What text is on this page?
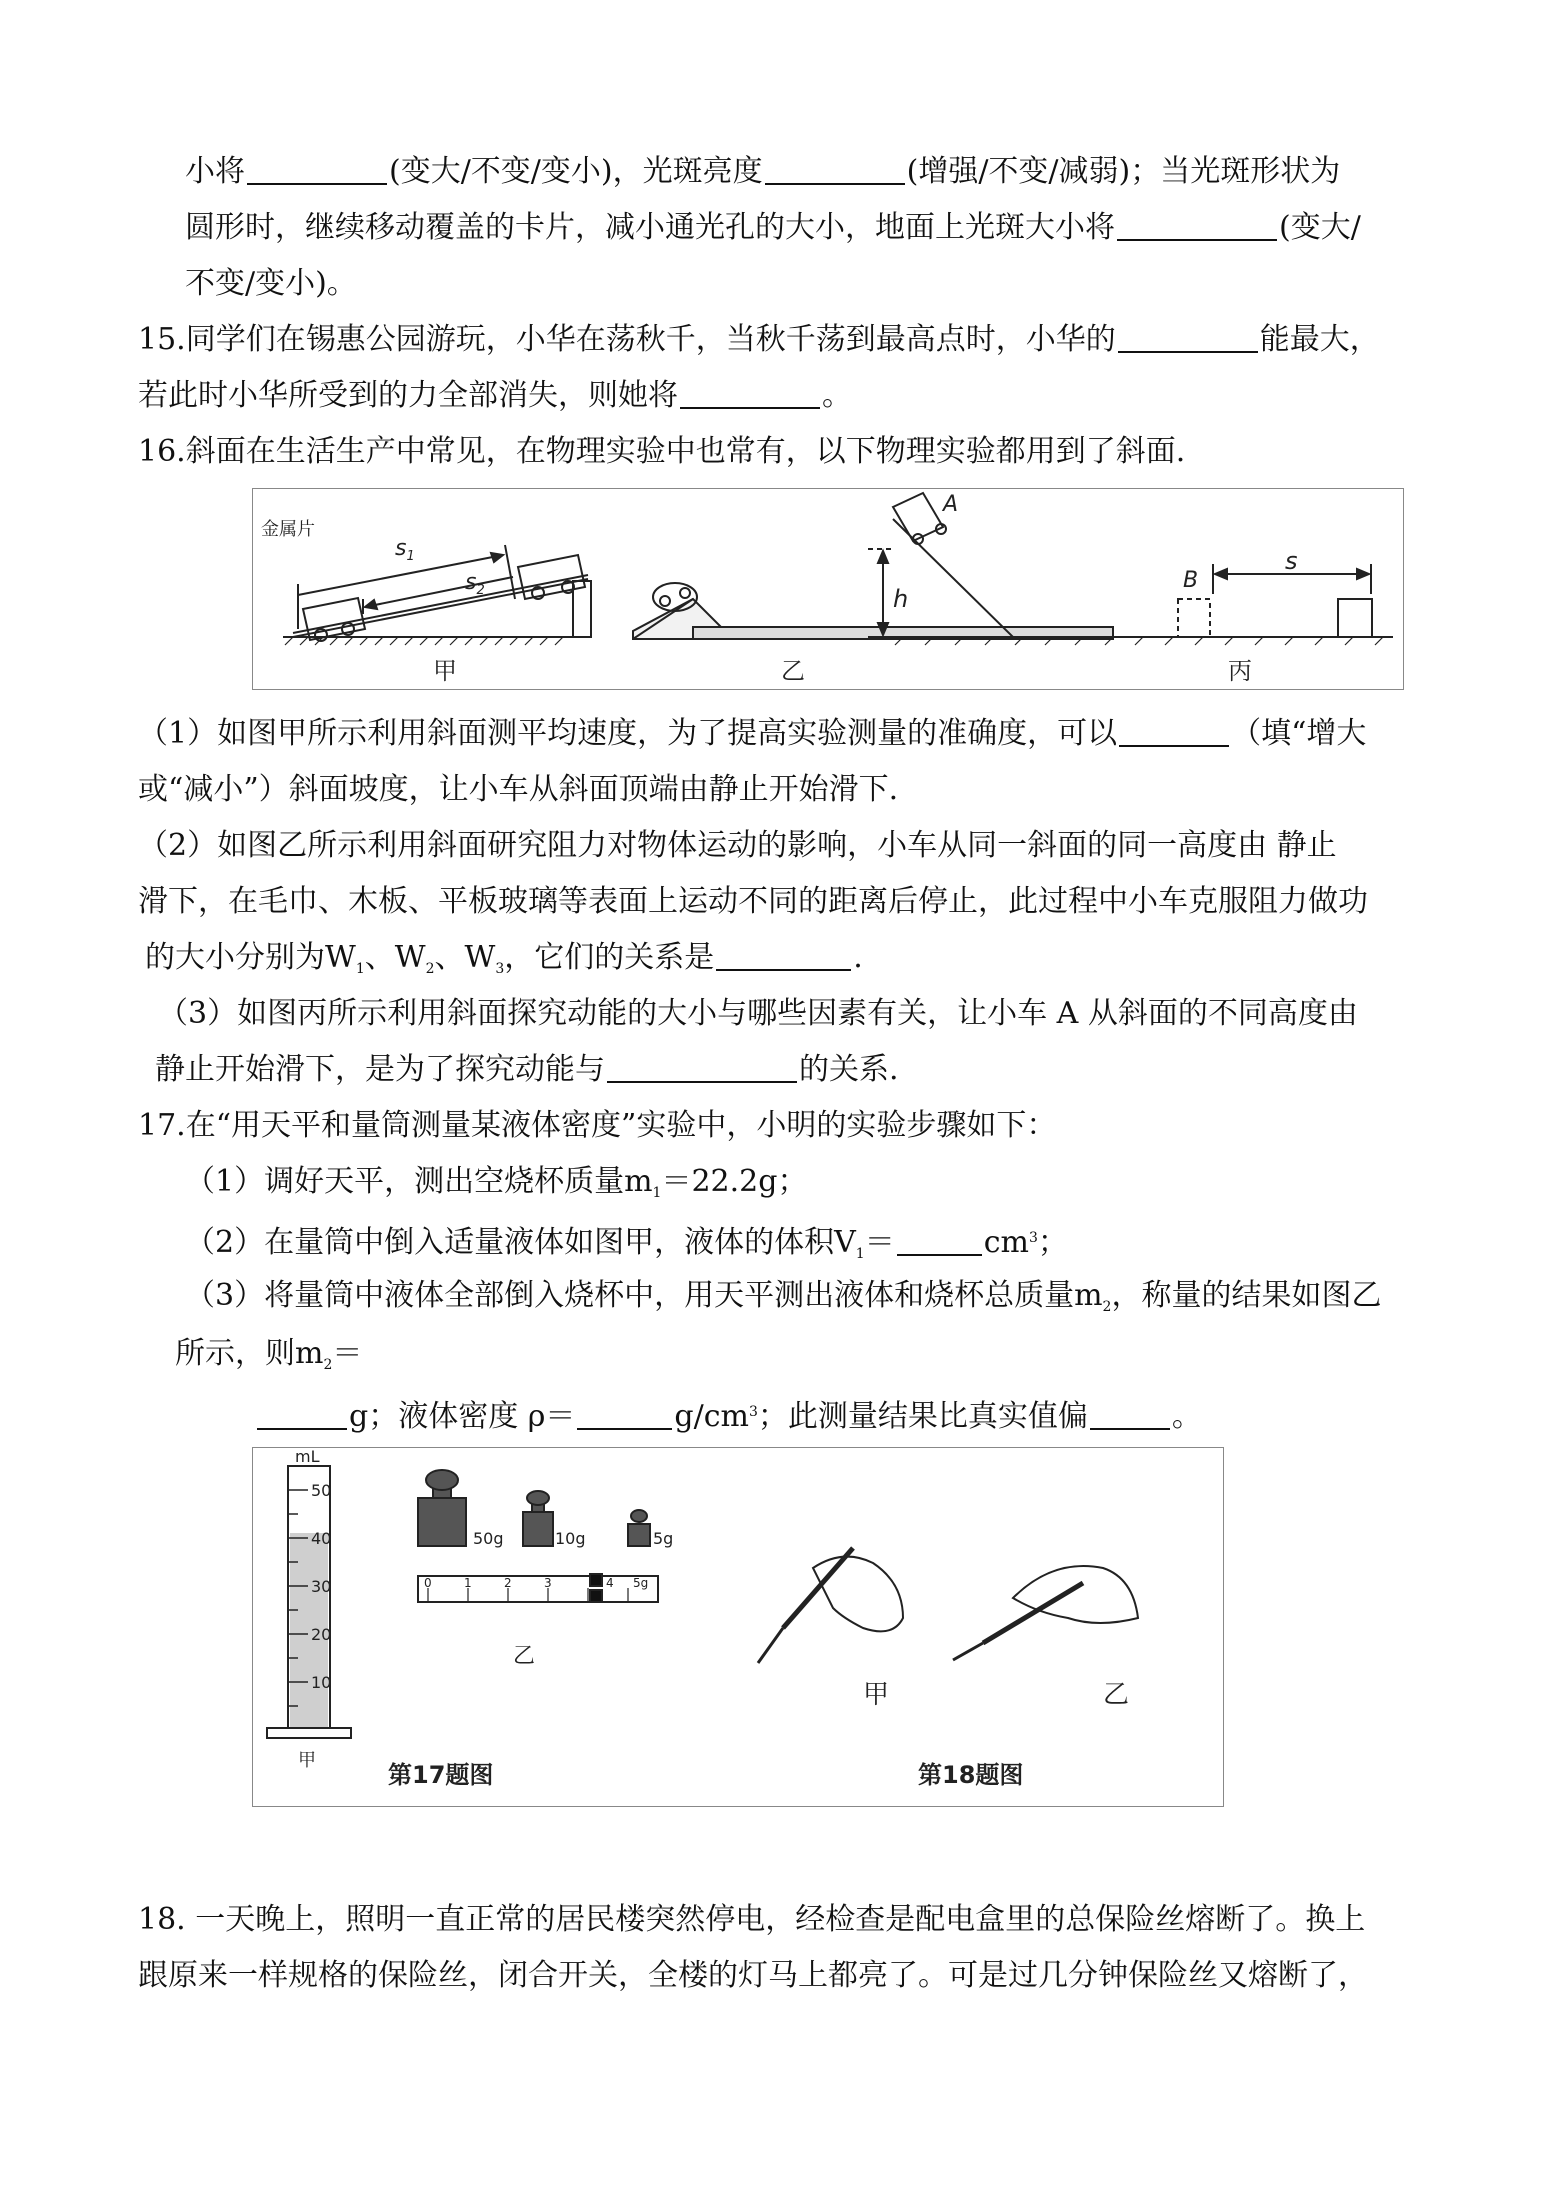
小将	(变大/不变/变小)，光斑亮度	(增强/不变/减弱)；当光斑形状为
圆形时，继续移动覆盖的卡片，减小通光孔的大小，地面上光斑大小将	(变大/
不变/变小)。
15.同学们在锡惠公园游玩，小华在荡秋千，当秋千荡到最高点时，小华的	能最大，
若此时小华所受到的力全部消失，则她将	。
16.斜面在生活生产中常见，在物理实验中也常有，以下物理实验都用到了斜面.
金属片
$s_1$
$s_2$
A
h
B
s
甲	乙	丙
（1）如图甲所示利用斜面测平均速度，为了提高实验测量的准确度，可以	（填“增大
或“减小”）斜面坡度，让小车从斜面顶端由静止开始滑下.
（2）如图乙所示利用斜面研究阻力对物体运动的影响，小车从同一斜面的同一高度由 静止
滑下，在毛巾、木板、平板玻璃等表面上运动不同的距离后停止，此过程中小车克服阻力做功
的大小分别为$W_1$、$W_2$、$W_3$，它们的关系是	.
（3）如图丙所示利用斜面探究动能的大小与哪些因素有关，让小车 A 从斜面的不同高度由
静止开始滑下，是为了探究动能与	的关系.
17.在“用天平和量筒测量某液体密度”实验中，小明的实验步骤如下：
（1）调好天平，测出空烧杯质量$m_1=22.2g$；
（2）在量筒中倒入适量液体如图甲，液体的体积$V_1=$	$cm^3$；
（3）将量筒中液体全部倒入烧杯中，用天平测出液体和烧杯总质量$m_2$，称量的结果如图乙
所示，则$m_2=$
g；液体密度 ρ＝	$g/cm^3$；此测量结果比真实值偏	。
mL
50
40
30
20
10
50g	10g	5g
0	1	2	3	4 5g
乙
甲
第17题图
甲	乙
第18题图
18. 一天晚上，照明一直正常的居民楼突然停电，经检查是配电盒里的总保险丝熔断了。换上
跟原来一样规格的保险丝，闭合开关，全楼的灯马上都亮了。可是过几分钟保险丝又熔断了，
